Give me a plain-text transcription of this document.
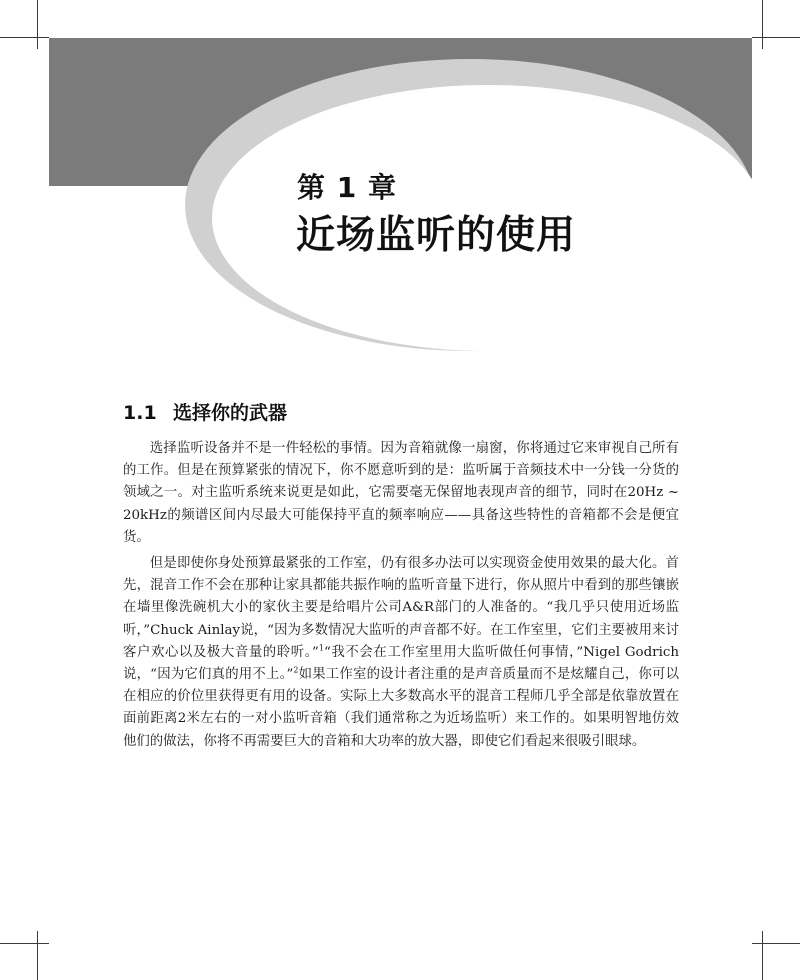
第 1 章
近场监听的使用
1.1 选择你的武器

选择监听设备并不是一件轻松的事情。因为音箱就像一扇窗，你将通过它来审视自己所有的工作。但是在预算紧张的情况下，你不愿意听到的是：监听属于音频技术中一分钱一分货的领域之一。对主监听系统来说更是如此，它需要毫无保留地表现声音的细节，同时在20Hz ~ 20kHz的频谱区间内尽最大可能保持平直的频率响应——具备这些特性的音箱都不会是便宜货。

但是即使你身处预算最紧张的工作室，仍有很多办法可以实现资金使用效果的最大化。首先，混音工作不会在那种让家具都能共振作响的监听音量下进行，你从照片中看到的那些镶嵌在墙里像洗碗机大小的家伙主要是给唱片公司A&R部门的人准备的。“我几乎只使用近场监听，”Chuck Ainlay说，“因为多数情况大监听的声音都不好。在工作室里，它们主要被用来讨客户欢心以及极大音量的聆听。”$^1$“我不会在工作室里用大监听做任何事情，”Nigel Godrich说，“因为它们真的用不上。”$^2$如果工作室的设计者注重的是声音质量而不是炫耀自己，你可以在相应的价位里获得更有用的设备。实际上大多数高水平的混音工程师几乎全部是依靠放置在面前距离2米左右的一对小监听音箱（我们通常称之为近场监听）来工作的。如果明智地仿效他们的做法，你将不再需要巨大的音箱和大功率的放大器，即使它们看起来很吸引眼球。
